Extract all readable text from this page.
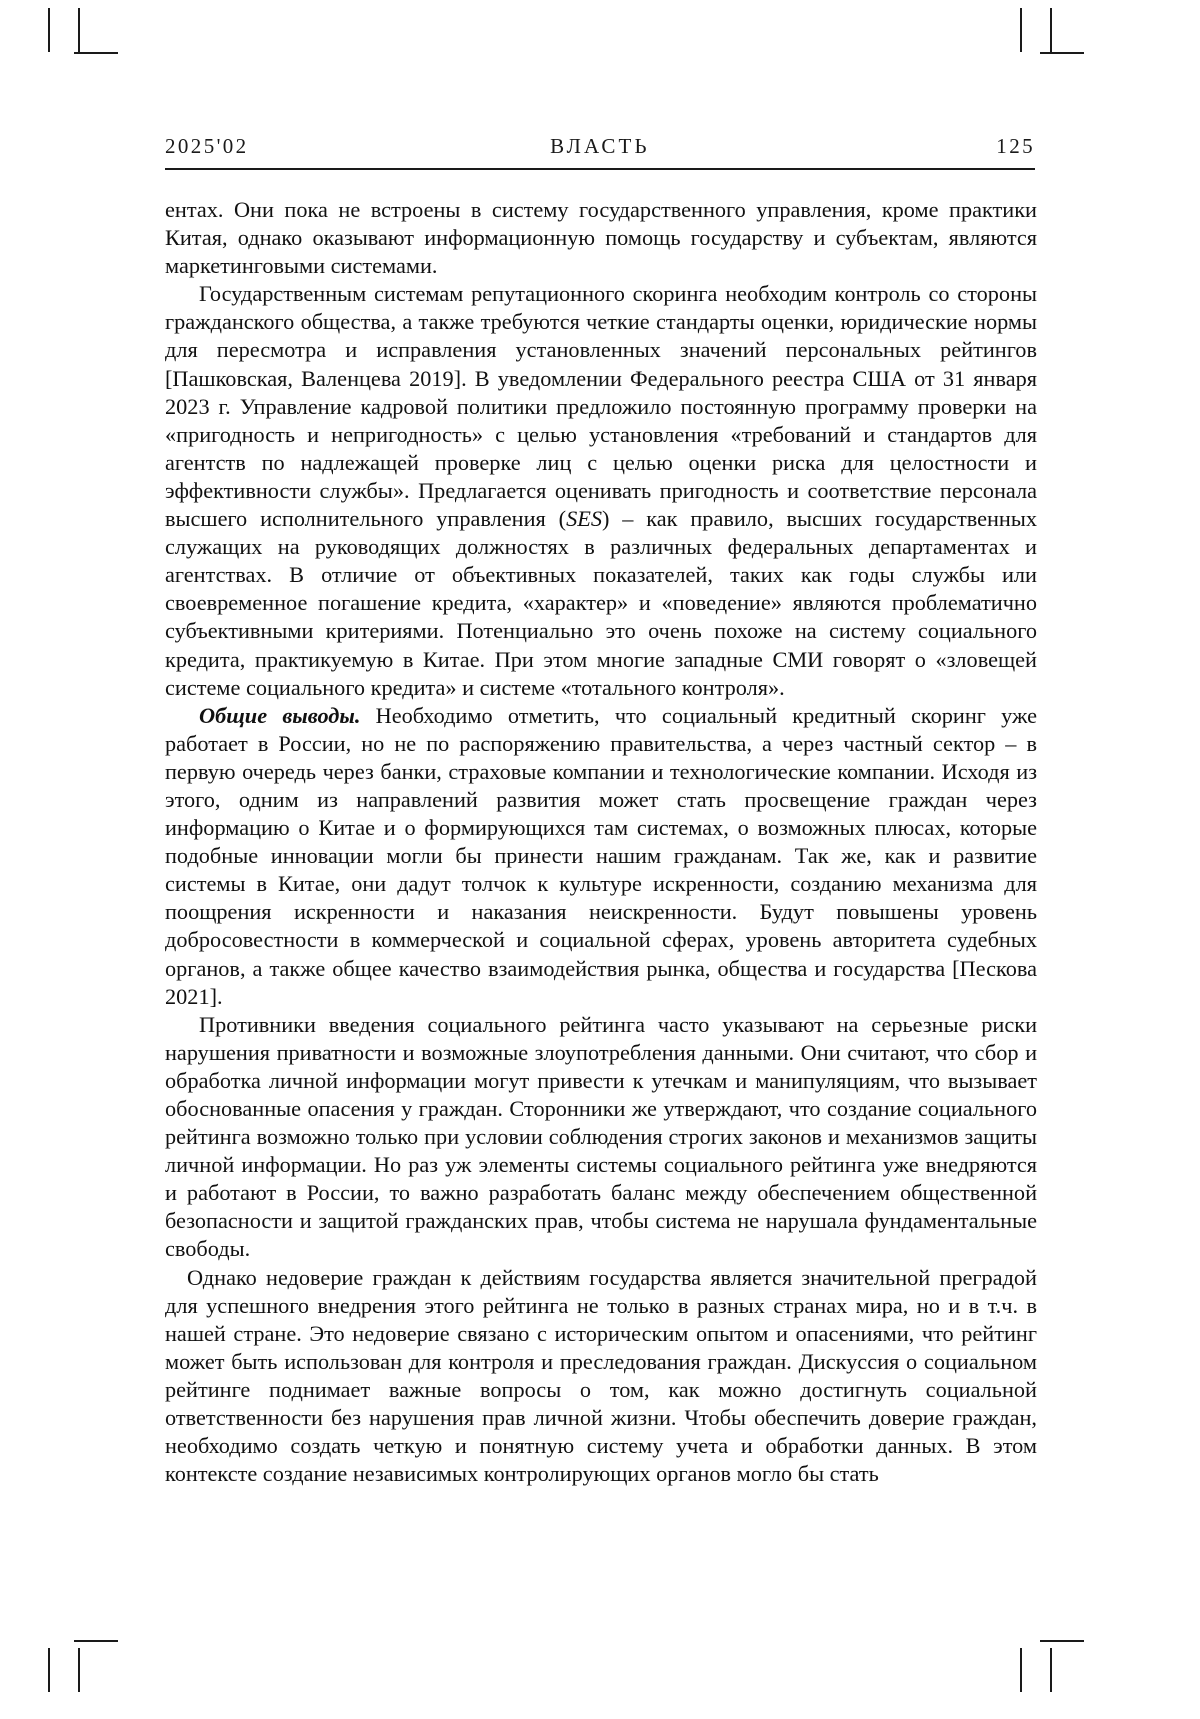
2025'02	ВЛАСТЬ	125

ентах. Они пока не встроены в систему государственного управления, кроме практики Китая, однако оказывают информационную помощь государству и субъектам, являются маркетинговыми системами.

Государственным системам репутационного скоринга необходим контроль со стороны гражданского общества, а также требуются четкие стандарты оценки, юридические нормы для пересмотра и исправления установленных значений персональных рейтингов [Пашковская, Валенцева 2019]. В уведомлении Федерального реестра США от 31 января 2023 г. Управление кадровой политики предложило постоянную программу проверки на «пригодность и непригодность» с целью установления «требований и стандартов для агентств по надлежащей проверке лиц с целью оценки риска для целостности и эффективности службы». Предлагается оценивать пригодность и соответствие персонала высшего исполнительного управления (SES) – как правило, высших государственных служащих на руководящих должностях в различных федеральных департаментах и агентствах. В отличие от объективных показателей, таких как годы службы или своевременное погашение кредита, «характер» и «поведение» являются проблематично субъективными критериями. Потенциально это очень похоже на систему социального кредита, практикуемую в Китае. При этом многие западные СМИ говорят о «зловещей системе социального кредита» и системе «тотального контроля».

Общие выводы. Необходимо отметить, что социальный кредитный скоринг уже работает в России, но не по распоряжению правительства, а через частный сектор – в первую очередь через банки, страховые компании и технологические компании. Исходя из этого, одним из направлений развития может стать просвещение граждан через информацию о Китае и о формирующихся там системах, о возможных плюсах, которые подобные инновации могли бы принести нашим гражданам. Так же, как и развитие системы в Китае, они дадут толчок к культуре искренности, созданию механизма для поощрения искренности и наказания неискренности. Будут повышены уровень добросовестности в коммерческой и социальной сферах, уровень авторитета судебных органов, а также общее качество взаимодействия рынка, общества и государства [Пескова 2021].

Противники введения социального рейтинга часто указывают на серьезные риски нарушения приватности и возможные злоупотребления данными. Они считают, что сбор и обработка личной информации могут привести к утечкам и манипуляциям, что вызывает обоснованные опасения у граждан. Сторонники же утверждают, что создание социального рейтинга возможно только при условии соблюдения строгих законов и механизмов защиты личной информации. Но раз уж элементы системы социального рейтинга уже внедряются и работают в России, то важно разработать баланс между обеспечением общественной безопасности и защитой гражданских прав, чтобы система не нарушала фундаментальные свободы.

Однако недоверие граждан к действиям государства является значительной преградой для успешного внедрения этого рейтинга не только в разных странах мира, но и в т.ч. в нашей стране. Это недоверие связано с историческим опытом и опасениями, что рейтинг может быть использован для контроля и преследования граждан. Дискуссия о социальном рейтинге поднимает важные вопросы о том, как можно достигнуть социальной ответственности без нарушения прав личной жизни. Чтобы обеспечить доверие граждан, необходимо создать четкую и понятную систему учета и обработки данных. В этом контексте создание независимых контролирующих органов могло бы стать
